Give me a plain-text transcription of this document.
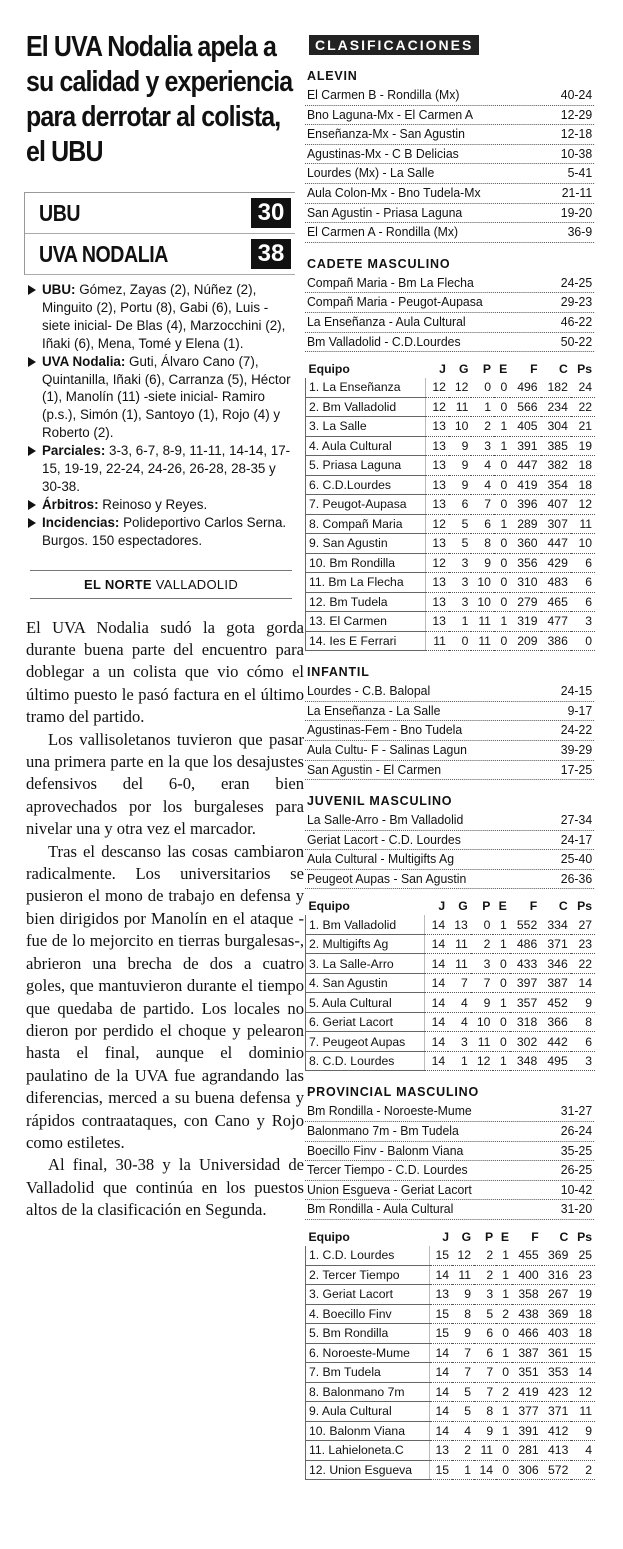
El UVA Nodalia apela a su calidad y experiencia para derrotar al colista, el UBU
UBU	30
UVA NODALIA	38
UBU: Gómez, Zayas (2), Núñez (2), Minguito (2), Portu (8), Gabi (6), Luis -siete inicial- De Blas (4), Marzocchini (2), Iñaki (6), Mena, Tomé y Elena (1).
UVA Nodalia: Guti, Álvaro Cano (7), Quintanilla, Iñaki (6), Carranza (5), Héctor (1), Manolín (11) -siete inicial- Ramiro (p.s.), Simón (1), Santoyo (1), Rojo (4) y Roberto (2).
Parciales: 3-3, 6-7, 8-9, 11-11, 14-14, 17-15, 19-19, 22-24, 24-26, 26-28, 28-35 y 30-38.
Árbitros: Reinoso y Reyes.
Incidencias: Polideportivo Carlos Serna. Burgos. 150 espectadores.
EL NORTE VALLADOLID

El UVA Nodalia sudó la gota gorda durante buena parte del encuentro para doblegar a un colista que vio cómo el último puesto le pasó factura en el último tramo del partido.

Los vallisoletanos tuvieron que pasar una primera parte en la que los desajustes defensivos del 6-0, eran bien aprovechados por los burgaleses para nivelar una y otra vez el marcador.

Tras el descanso las cosas cambiaron radicalmente. Los universitarios se pusieron el mono de trabajo en defensa y bien dirigidos por Manolín en el ataque -fue de lo mejorcito en tierras burgalesas-, abrieron una brecha de dos a cuatro goles, que mantuvieron durante el tiempo que quedaba de partido. Los locales no dieron por perdido el choque y pelearon hasta el final, aunque el dominio paulatino de la UVA fue agrandando las diferencias, merced a su buena defensa y rápidos contraataques, con Cano y Rojo como estiletes.

Al final, 30-38 y la Universidad de Valladolid que continúa en los puestos altos de la clasificación en Segunda.

CLASIFICACIONES
ALEVIN
El Carmen B - Rondilla (Mx)	40-24
Bno Laguna-Mx - El Carmen A	12-29
Enseñanza-Mx - San Agustin	12-18
Agustinas-Mx - C B Delicias	10-38
Lourdes (Mx) - La Salle	5-41
Aula Colon-Mx - Bno Tudela-Mx	21-11
San Agustin - Priasa Laguna	19-20
El Carmen A - Rondilla (Mx)	36-9
CADETE MASCULINO
Compañ Maria - Bm La Flecha	24-25
Compañ Maria - Peugot-Aupasa	29-23
La Enseñanza - Aula Cultural	46-22
Bm Valladolid - C.D.Lourdes	50-22
Equipo	J	G	P	E	F	C	Ps
1. La Enseñanza	12	12	0	0	496	182	24
2. Bm Valladolid	12	11	1	0	566	234	22
3. La Salle	13	10	2	1	405	304	21
4. Aula Cultural	13	9	3	1	391	385	19
5. Priasa Laguna	13	9	4	0	447	382	18
6. C.D.Lourdes	13	9	4	0	419	354	18
7. Peugot-Aupasa	13	6	7	0	396	407	12
8. Compañ Maria	12	5	6	1	289	307	11
9. San Agustin	13	5	8	0	360	447	10
10. Bm Rondilla	12	3	9	0	356	429	6
11. Bm La Flecha	13	3	10	0	310	483	6
12. Bm Tudela	13	3	10	0	279	465	6
13. El Carmen	13	1	11	1	319	477	3
14. Ies E Ferrari	11	0	11	0	209	386	0
INFANTIL
Lourdes - C.B. Balopal	24-15
La Enseñanza - La Salle	9-17
Agustinas-Fem - Bno Tudela	24-22
Aula Cultu- F - Salinas Lagun	39-29
San Agustin - El Carmen	17-25
JUVENIL MASCULINO
La Salle-Arro - Bm Valladolid	27-34
Geriat Lacort - C.D. Lourdes	24-17
Aula Cultural - Multigifts Ag	25-40
Peugeot Aupas - San Agustin	26-36
Equipo	J	G	P	E	F	C	Ps
1. Bm Valladolid	14	13	0	1	552	334	27
2. Multigifts Ag	14	11	2	1	486	371	23
3. La Salle-Arro	14	11	3	0	433	346	22
4. San Agustin	14	7	7	0	397	387	14
5. Aula Cultural	14	4	9	1	357	452	9
6. Geriat Lacort	14	4	10	0	318	366	8
7. Peugeot Aupas	14	3	11	0	302	442	6
8. C.D. Lourdes	14	1	12	1	348	495	3
PROVINCIAL MASCULINO
Bm Rondilla - Noroeste-Mume	31-27
Balonmano 7m - Bm Tudela	26-24
Boecillo Finv - Balonm Viana	35-25
Tercer Tiempo - C.D. Lourdes	26-25
Union Esgueva - Geriat Lacort	10-42
Bm Rondilla - Aula Cultural	31-20
Equipo	J	G	P	E	F	C	Ps
1. C.D. Lourdes	15	12	2	1	455	369	25
2. Tercer Tiempo	14	11	2	1	400	316	23
3. Geriat Lacort	13	9	3	1	358	267	19
4. Boecillo Finv	15	8	5	2	438	369	18
5. Bm Rondilla	15	9	6	0	466	403	18
6. Noroeste-Mume	14	7	6	1	387	361	15
7. Bm Tudela	14	7	7	0	351	353	14
8. Balonmano 7m	14	5	7	2	419	423	12
9. Aula Cultural	14	5	8	1	377	371	11
10. Balonm Viana	14	4	9	1	391	412	9
11. Lahieloneta.C	13	2	11	0	281	413	4
12. Union Esgueva	15	1	14	0	306	572	2
